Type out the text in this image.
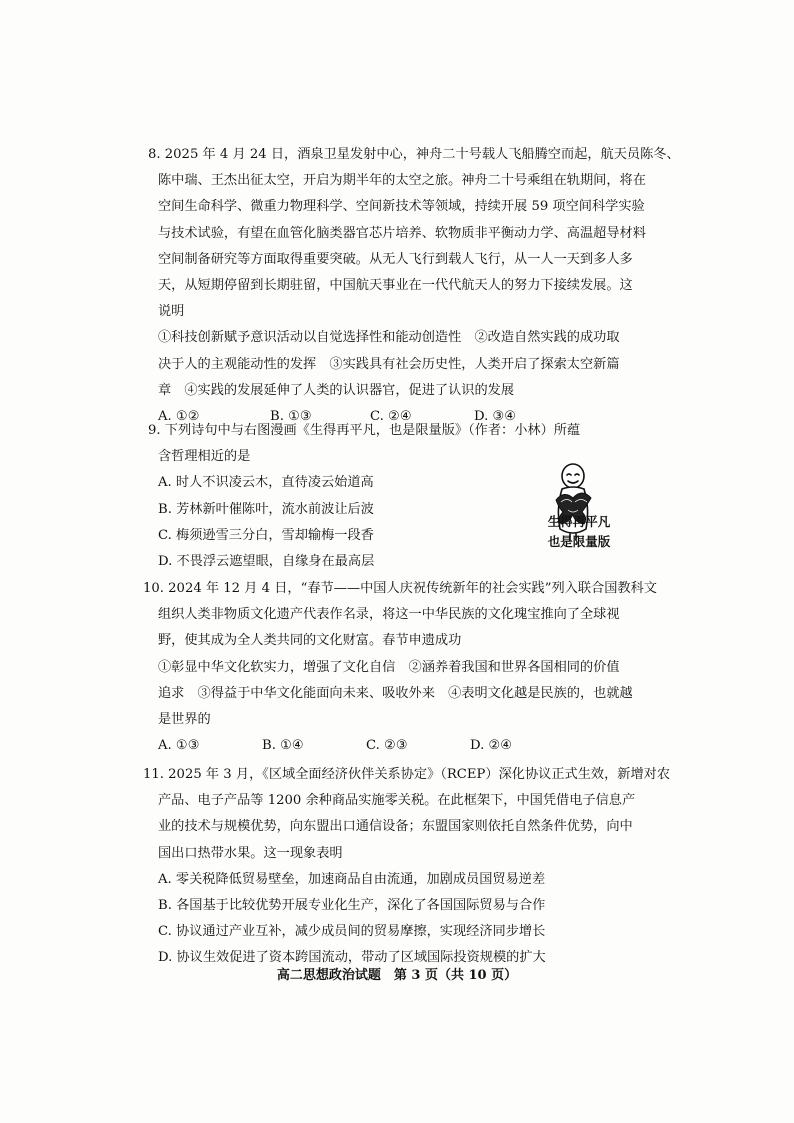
8. 2025 年 4 月 24 日，酒泉卫星发射中心，神舟二十号载人飞船腾空而起，航天员陈冬、
陈中瑞、王杰出征太空，开启为期半年的太空之旅。神舟二十号乘组在轨期间，将在
空间生命科学、微重力物理科学、空间新技术等领域，持续开展 59 项空间科学实验
与技术试验，有望在血管化脑类器官芯片培养、软物质非平衡动力学、高温超导材料
空间制备研究等方面取得重要突破。从无人飞行到载人飞行，从一人一天到多人多
天，从短期停留到长期驻留，中国航天事业在一代代航天人的努力下接续发展。这
说明
①科技创新赋予意识活动以自觉选择性和能动创造性　②改造自然实践的成功取
决于人的主观能动性的发挥　③实践具有社会历史性，人类开启了探索太空新篇
章　④实践的发展延伸了人类的认识器官，促进了认识的发展
A. ①②	B. ①③	C. ②④	D. ③④
9. 下列诗句中与右图漫画《生得再平凡，也是限量版》（作者：小林）所蕴
含哲理相近的是
A. 时人不识凌云木，直待凌云始道高
B. 芳林新叶催陈叶，流水前波让后波
C. 梅须逊雪三分白，雪却输梅一段香
D. 不畏浮云遮望眼，自缘身在最高层
生得再平凡
也是限量版
10. 2024 年 12 月 4 日，“春节——中国人庆祝传统新年的社会实践”列入联合国教科文
组织人类非物质文化遗产代表作名录，将这一中华民族的文化瑰宝推向了全球视
野，使其成为全人类共同的文化财富。春节申遗成功
①彰显中华文化软实力，增强了文化自信　②涵养着我国和世界各国相同的价值
追求　③得益于中华文化能面向未来、吸收外来　④表明文化越是民族的，也就越
是世界的
A. ①③	B. ①④	C. ②③	D. ②④
11. 2025 年 3 月，《区域全面经济伙伴关系协定》（RCEP）深化协议正式生效，新增对农
产品、电子产品等 1200 余种商品实施零关税。在此框架下，中国凭借电子信息产
业的技术与规模优势，向东盟出口通信设备；东盟国家则依托自然条件优势，向中
国出口热带水果。这一现象表明
A. 零关税降低贸易壁垒，加速商品自由流通，加剧成员国贸易逆差
B. 各国基于比较优势开展专业化生产，深化了各国国际贸易与合作
C. 协议通过产业互补，减少成员间的贸易摩擦，实现经济同步增长
D. 协议生效促进了资本跨国流动，带动了区域国际投资规模的扩大
高二思想政治试题　第 3 页（共 10 页）
